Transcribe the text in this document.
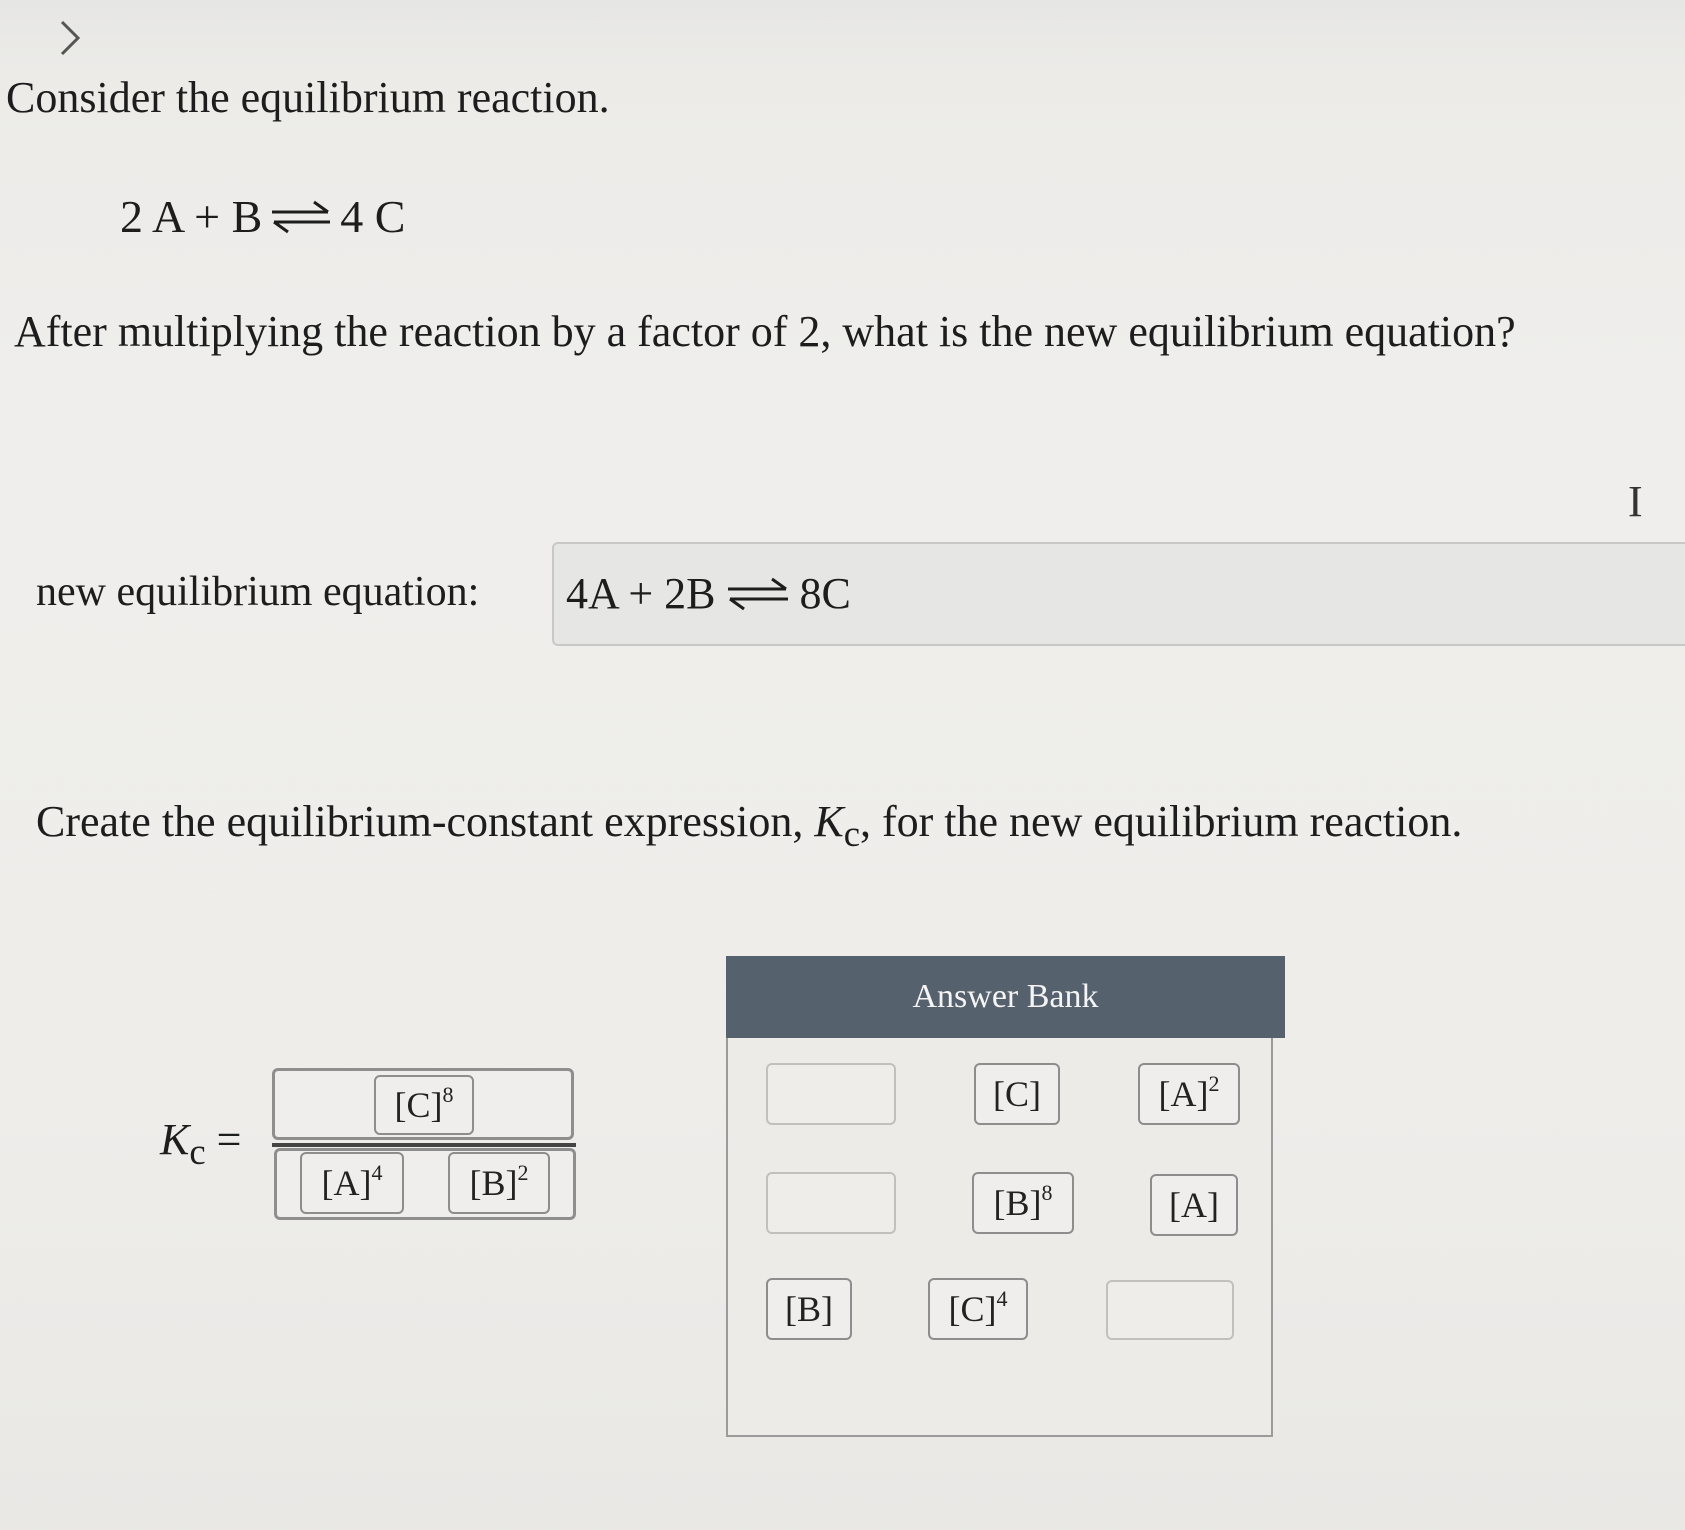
Consider the equilibrium reaction.
2 A + B ⇌ 4 C
After multiplying the reaction by a factor of 2, what is the new equilibrium equation?
I
new equilibrium equation: 4A + 2B ⇌ 8C
Create the equilibrium-constant expression, $K_c$, for the new equilibrium reaction.
$K_c$ =
$[C]^8$
$[A]^4$ $[B]^2$
Answer Bank
[C]	$[A]^2$
$[B]^8$	[A]
[B]	$[C]^4$
